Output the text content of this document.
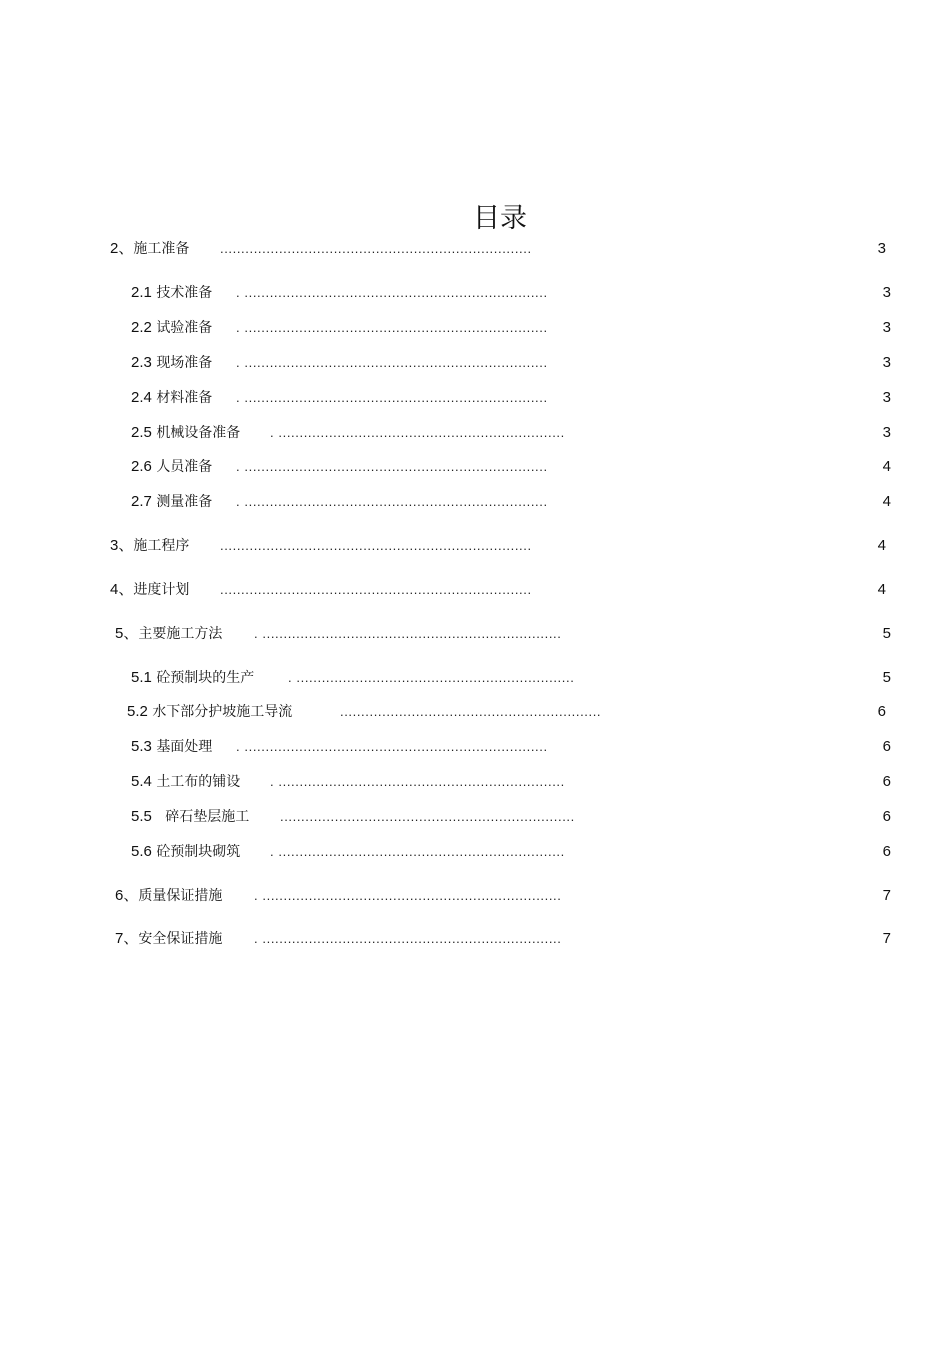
目录
2、施工准备 ..........................................................................	3
2.1 技术准备 . ........................................................................	3
2.2 试验准备 . ........................................................................	3
2.3 现场准备 . ........................................................................	3
2.4 材料准备 . ........................................................................	3
2.5 机械设备准备 . ....................................................................	3
2.6 人员准备 . ........................................................................	4
2.7 测量准备 . ........................................................................	4
3、施工程序 ..........................................................................	4
4、进度计划 ..........................................................................	4
5、主要施工方法 . .......................................................................	5
5.1 砼预制块的生产	. ..................................................................	5
5.2 水下部分护坡施工导流	..............................................................	6
5.3 基面处理 . ........................................................................	6
5.4 土工布的铺设 . ....................................................................	6
5.5 碎石垫层施工 ......................................................................	6
5.6 砼预制块砌筑 . ....................................................................	6
6、质量保证措施 . .......................................................................	7
7、安全保证措施 . .......................................................................	7
